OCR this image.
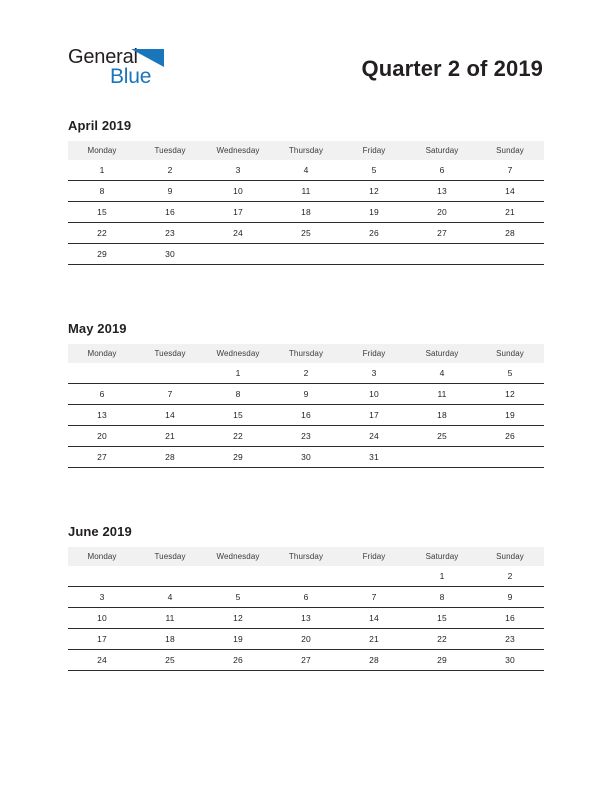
General
Blue	Quarter 2 of 2019
April 2019
Monday	Tuesday	Wednesday	Thursday	Friday	Saturday	Sunday
1	2	3	4	5	6	7
8	9	10	11	12	13	14
15	16	17	18	19	20	21
22	23	24	25	26	27	28
29	30					
May 2019
Monday	Tuesday	Wednesday	Thursday	Friday	Saturday	Sunday
		1	2	3	4	5
6	7	8	9	10	11	12
13	14	15	16	17	18	19
20	21	22	23	24	25	26
27	28	29	30	31		
June 2019
Monday	Tuesday	Wednesday	Thursday	Friday	Saturday	Sunday
					1	2
3	4	5	6	7	8	9
10	11	12	13	14	15	16
17	18	19	20	21	22	23
24	25	26	27	28	29	30
